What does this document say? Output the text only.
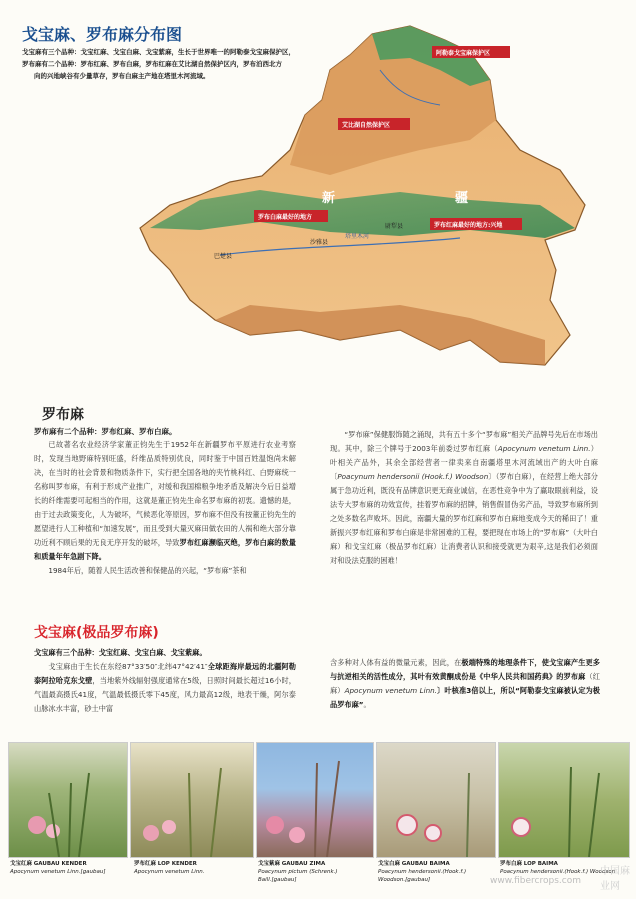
阿勒泰戈宝麻保护区
艾比湖自然保护区
罗布白麻最好的地方
罗布红麻最好的地方:兴地
新	疆
尉犁县
巴楚县
沙雅县
塔里木河
戈宝麻、罗布麻分布图

戈宝麻有三个品种：戈宝红麻、戈宝白麻、戈宝紫麻，生长于世界唯一的阿勒泰戈宝麻保护区，

罗布麻有二个品种：罗布红麻、罗布白麻，罗布红麻在艾比湖自然保护区内，罗布泊西北方

向的兴地峡谷有少量草存，罗布白麻主产地在塔里木河流域。

罗布麻
罗布麻有二个品种：罗布红麻、罗布白麻。

已故著名农业经济学家董正钧先生于1952年在新疆罗布平原进行农业考察时，发现当地野麻特别旺盛，纤维品质特别优良，同时鉴于中国百姓温饱尚未解决，在当时的社会背景和物质条件下，实行把全国各地的夹竹桃科红、白野麻统一名称叫罗布麻，有利于形成产业推广，对缓和我国棉粮争地矛盾及解决今后日益增长的纤维需要可起相当的作用，这就是董正钧先生命名罗布麻的初衷。遗憾的是，由于过去政策变化，人为破坏，气候恶化等原因，罗布麻不但没有按董正钧先生的愿望进行人工种植和“加速发展”，而且受到大量灭麻田做农田的人祸和绝大部分靠功近利不顾后果的无良无序开发的破坏，导致罗布红麻濒临灭绝，罗布白麻的数量和质量年年急剧下降。

1984年后，随着人民生活改善和保健品的兴起，“罗布麻”茶和

“罗布麻”保健服饰随之涌现，共有五十多个“罗布麻”相关产品牌号先后在市场出现。其中，除三个牌号于2003年前委过罗布红麻（Apocynum venetum Linn.）叶相关产品外，其余全部经营者一律卖来自南疆塔里木河流域出产的大叶白麻〔Poacynum hendersonii (Hook.f.) Woodson〕（罗布白麻），在经营上绝大部分属于急功近利，既没有品牌意识更无商业诚信，在恶性竞争中为了赢取眼前利益，设法专大罗布麻的功效宣传，挂着罗布麻的招牌，销售假冒伪劣产品，导致罗布麻所到之处多数名声败坏。因此，南疆大量的罗布红麻和罗布白麻地变成今天的稀田了！重新振兴罗布红麻和罗布白麻是非常困难的工程，要把现在市场上的“罗布麻”（大叶白麻）和戈宝红麻（极品罗布红麻）让消费者认识和接受就更为艰辛,这是我们必须面对和设法克服的困难！

戈宝麻(极品罗布麻)

戈宝麻有三个品种：戈宝红麻、戈宝白麻、戈宝紫麻。

戈宝麻由于生长在东经87°33′50″北纬47°42′41″全球距海岸最远的北疆阿勒泰阿拉哈克东戈壁，当地紫外线辐射强度通常在5级，日照时间最长超过16小时，气温最高摄氏41度，气温最低摄氏零下45度，风力最高12级，地表干燥，阿尔泰山脉冰水丰富，砂土中富

含多种对人体有益的微量元素，因此，在极端特殊的地理条件下，使戈宝麻产生更多与抗逆相关的活性成分，其叶有效黄酮成份是《中华人民共和国药典》的罗布麻（红麻）Apocynum venetum Linn.〕叶核准3倍以上，所以“阿勒泰戈宝麻被认定为极品罗布麻”。

戈宝红麻 GAUBAU KENDER
Apocynum venetum Linn.[gaubau]
罗布红麻 LOP KENDER
Apocynum venetum Linn.
戈宝紫麻 GAUBAU ZIMA
Poacynum pictum (Schrenk.)
Baill.[gaubau]
戈宝白麻 GAUBAU BAIMA
Poacynum hendersonii.(Hook.f.)
Woodson.[gaubau]
罗布白麻 LOP BAIMA
Poacynum hendersonii.(Hook.f.) Woodson
www.fibercrops.com
中国麻业网
